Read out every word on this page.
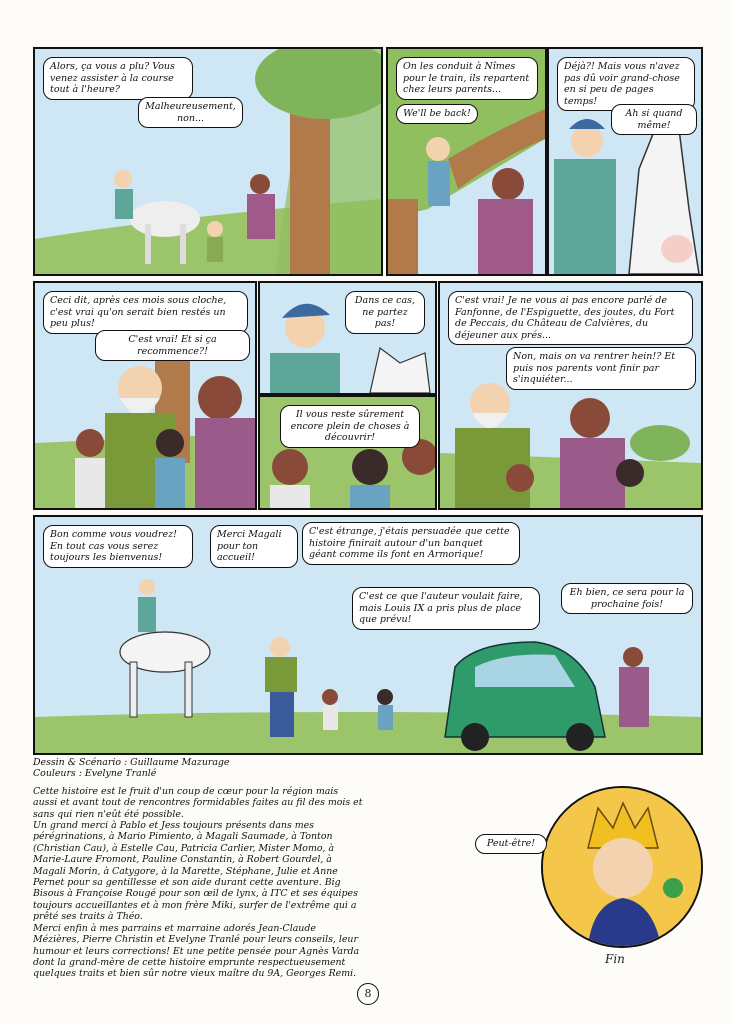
Alors, ça vous a plu? Vous venez assister à la course tout à l'heure?
Malheureusement, non...
On les conduit à Nîmes pour le train, ils repartent chez leurs parents...
We'll be back!
Déjà?! Mais vous n'avez pas dû voir grand-chose en si peu de pages temps!
Ah si quand même!
Ceci dit, après ces mois sous cloche, c'est vrai qu'on serait bien restés un peu plus!
C'est vrai! Et si ça recommence?!
Dans ce cas, ne partez pas!
Il vous reste sûrement encore plein de choses à découvrir!
C'est vrai! Je ne vous ai pas encore parlé de Fanfonne, de l'Espiguette, des joutes, du Fort de Peccais, du Château de Calvières, du déjeuner aux prés...
Non, mais on va rentrer hein!? Et puis nos parents vont finir par s'inquiéter...
Bon comme vous voudrez! En tout cas vous serez toujours les bienvenus!
Merci Magali pour ton accueil!
C'est étrange, j'étais persuadée que cette histoire finirait autour d'un banquet géant comme ils font en Armorique!
C'est ce que l'auteur voulait faire, mais Louis IX a pris plus de place que prévu!
Eh bien, ce sera pour la prochaine fois!
Dessin & Scénario : Guillaume Mazurage
Couleurs : Evelyne Tranlé
Cette histoire est le fruit d'un coup de cœur pour la région mais aussi et avant tout de rencontres formidables faites au fil des mois et sans qui rien n'eût été possible.
Un grand merci à Pablo et Jess toujours présents dans mes pérégrinations, à Mario Pimiento, à Magali Saumade, à Tonton (Christian Cau), à Estelle Cau, Patricia Carlier, Mister Momo, à Marie-Laure Fromont, Pauline Constantin, à Robert Gourdel, à Magali Morin, à Catygore, à la Marette, Stéphane, Julie et Anne Pernet pour sa gentillesse et son aide durant cette aventure. Big Bisous à Françoise Rougé pour son œil de lynx, à ITC et ses équipes toujours accueillantes et à mon frère Miki, surfer de l'extrême qui a prêté ses traits à Théo.
Merci enfin à mes parrains et marraine adorés Jean-Claude Mézières, Pierre Christin et Evelyne Tranlé pour leurs conseils, leur humour et leurs corrections! Et une petite pensée pour Agnès Varda dont la grand-mère de cette histoire emprunte respectueusement quelques traits et bien sûr notre vieux maître du 9A, Georges Remi.
Peut-être!
Fin
8
